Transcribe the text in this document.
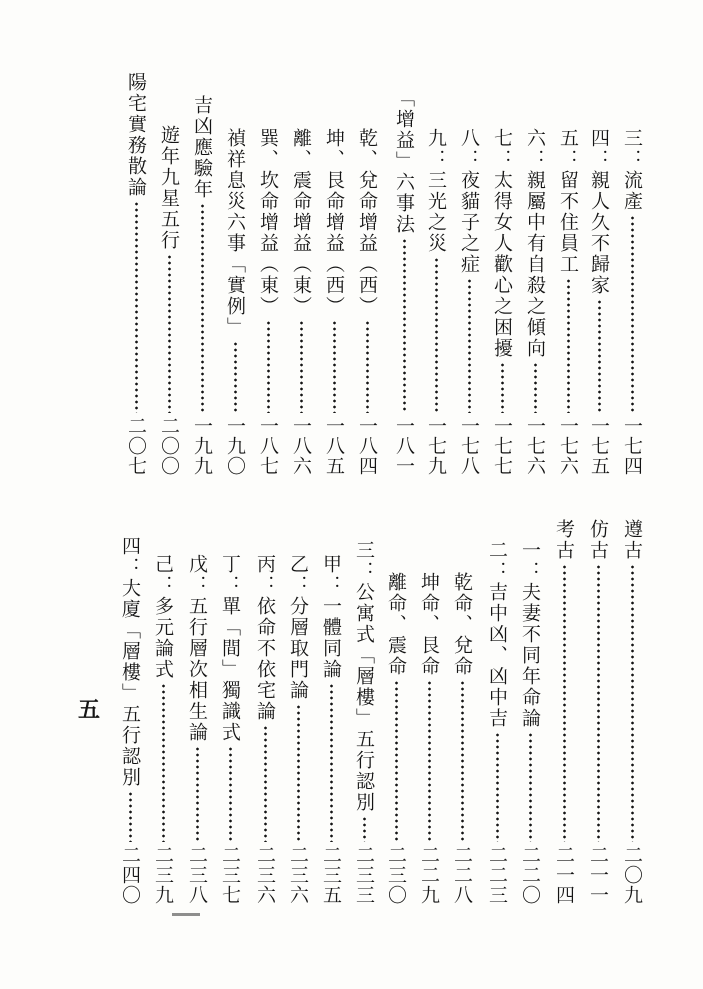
三：流產
一七四
四：親人久不歸家
一七五
五：留不住員工
一七六
六：親屬中有自殺之傾向
一七六
七：太得女人歡心之困擾
一七七
八：夜貓子之症
一七八
九：三光之災
一七九
「增益」六事法
一八一
乾、兌命增益（西）
一八四
坤、艮命增益（西）
一八五
離、震命增益（東）
一八六
巽、坎命增益（東）
一八七
禎祥息災六事「實例」
一九〇
吉凶應驗年
一九九
遊年九星五行
二〇〇
陽宅實務散論
二〇七
遵古
二〇九
仿古
二一一
考古
二一四
一：夫妻不同年命論
二二〇
二：吉中凶、凶中吉
二二三
乾命、兌命
二二八
坤命、艮命
二二九
離命、震命
二三〇
三：公寓式「層樓」五行認別
二三三
甲：一體同論
二三五
乙：分層取門論
二三六
丙：依命不依宅論
二三六
丁：單「間」獨識式
二三七
戊：五行層次相生論
二三八
己：多元論式
二三九
四：大廈「層樓」五行認別
二四〇
五
